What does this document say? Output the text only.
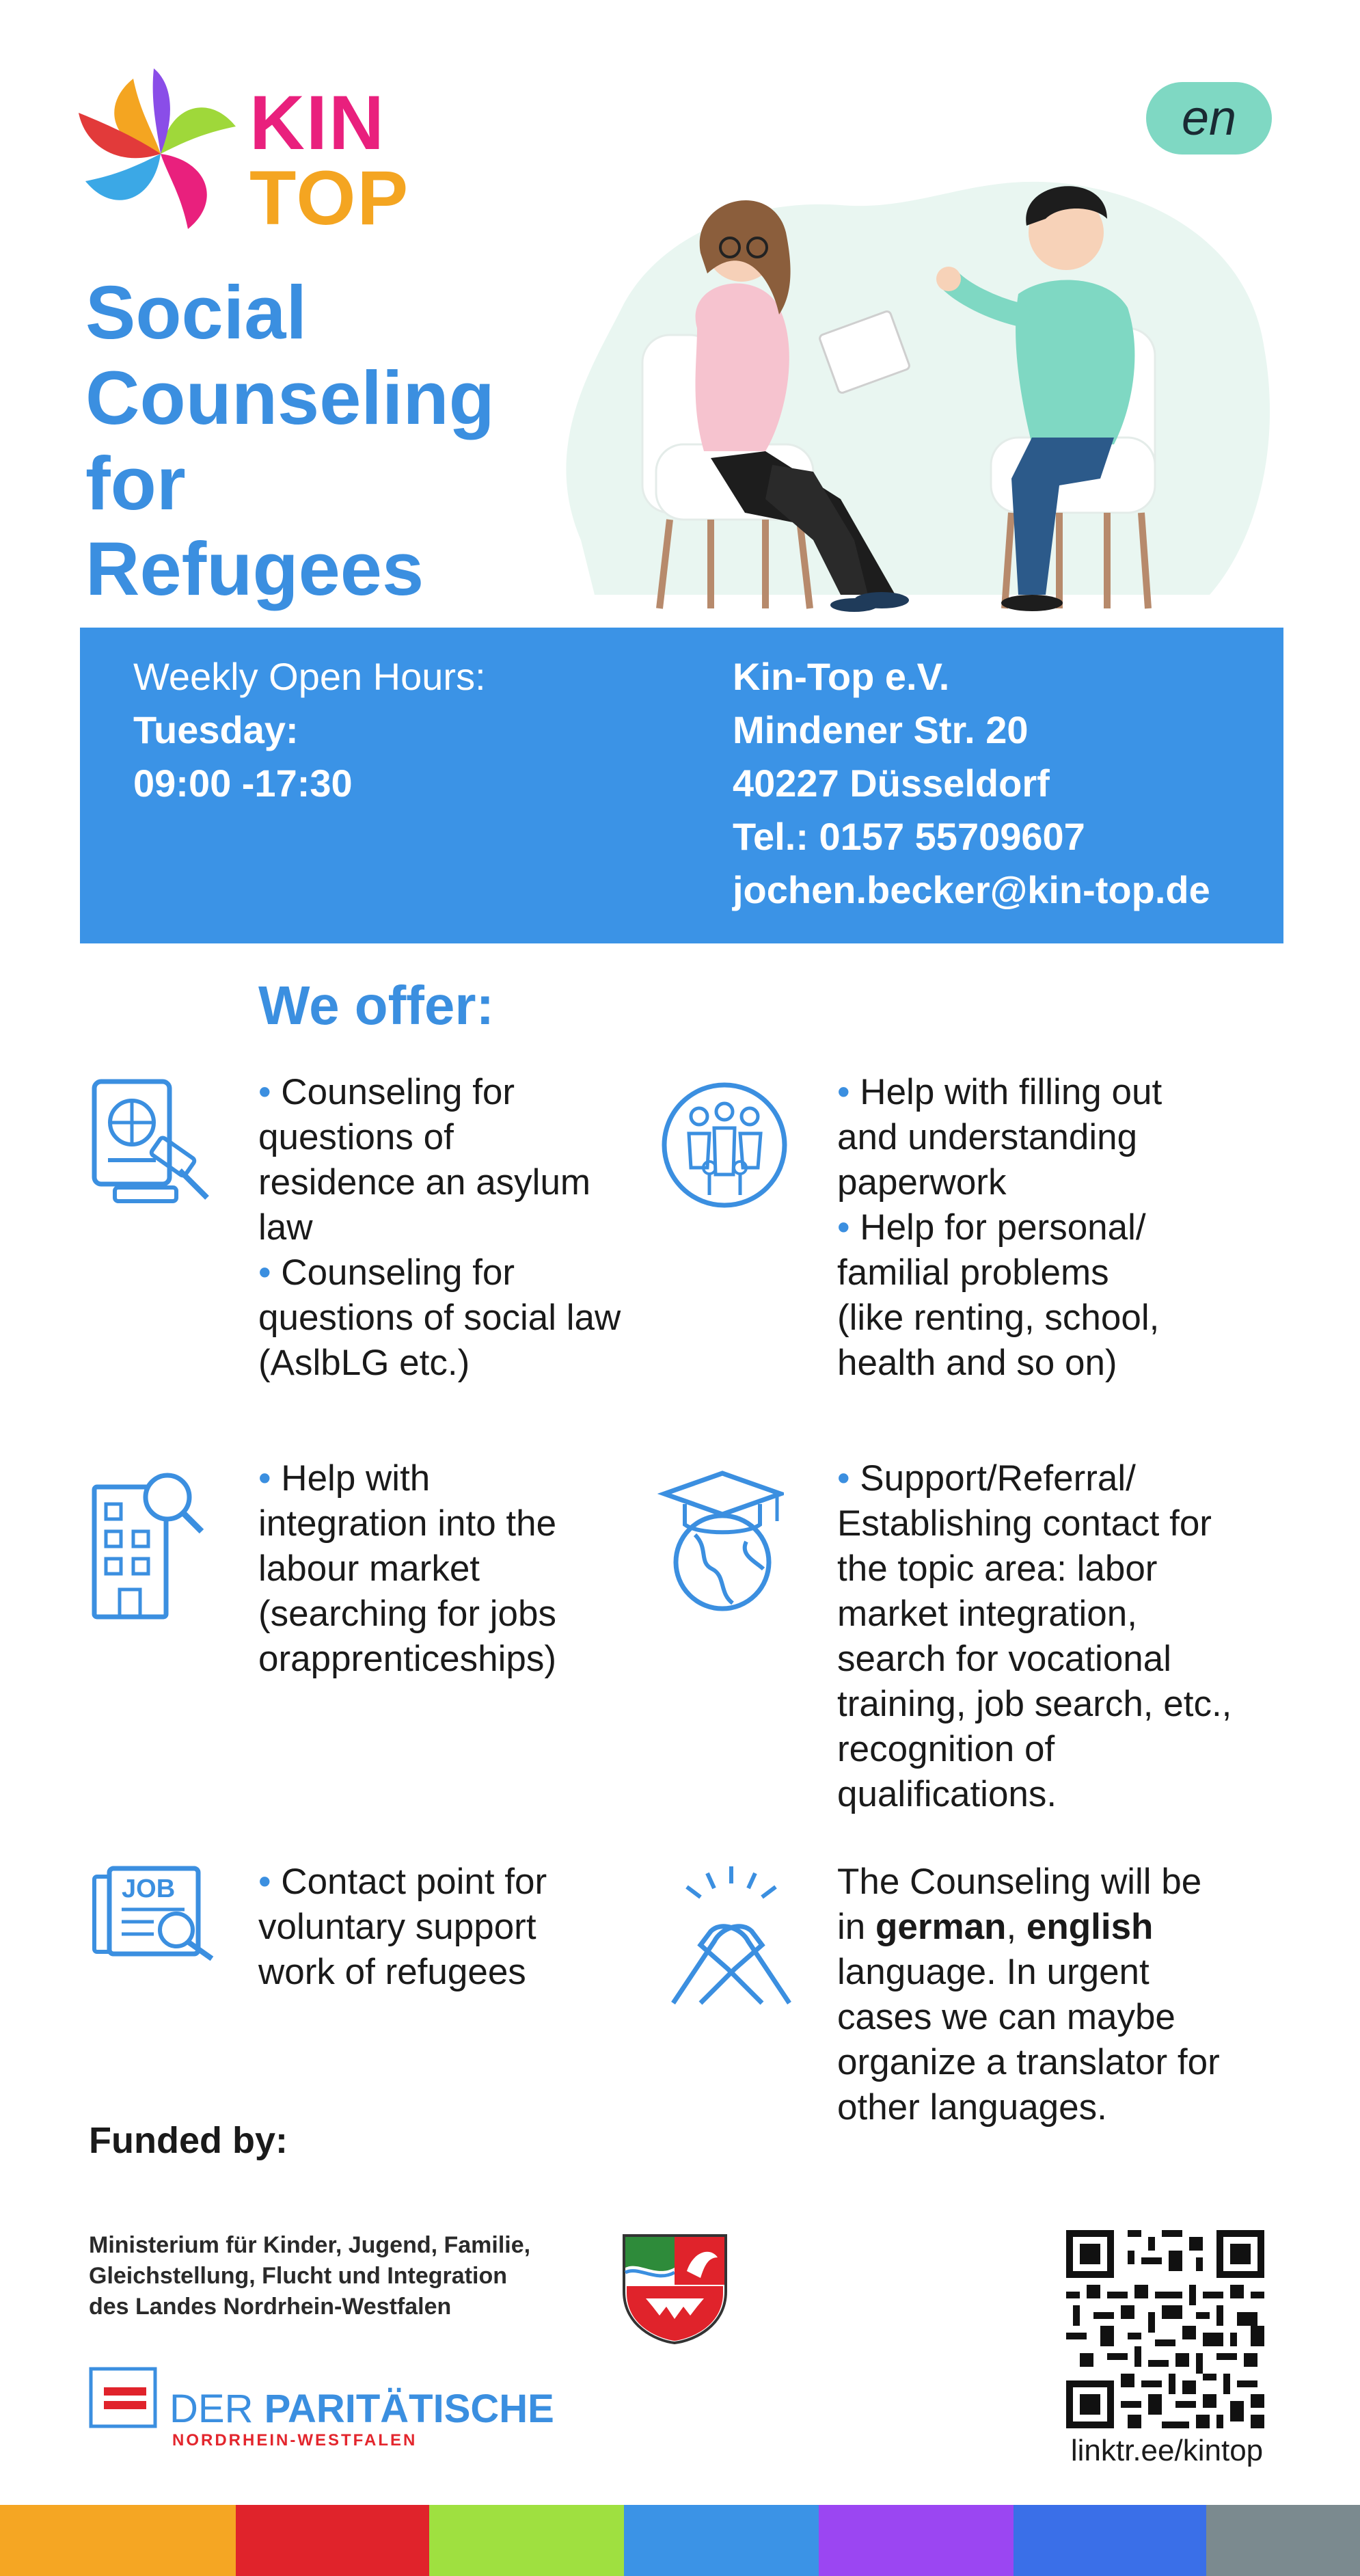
KIN
TOP
en
Social
Counseling
for
Refugees
Weekly Open Hours:
Tuesday:
09:00 -17:30
Kin-Top e.V.
Mindener Str. 20
40227 Düsseldorf
Tel.: 0157 55709607
jochen.becker@kin-top.de
We offer:
• Counseling for
questions of
residence an asylum
law
• Counseling for
questions of social law
(AslbLG etc.)
• Help with filling out
and understanding
paperwork
• Help for personal/
familial problems
(like renting, school,
health and so on)
• Help with
integration into the
labour market
(searching for jobs
orapprenticeships)
• Support/Referral/
Establishing contact for
the topic area: labor
market integration,
search for vocational
training, job search, etc.,
recognition of
qualifications.
JOB • Contact point for
voluntary support
work of refugees
The Counseling will be
in german, english
language. In urgent
cases we can maybe
organize a translator for
other languages.
Funded by:
Ministerium für Kinder, Jugend, Familie,
Gleichstellung, Flucht und Integration
des Landes Nordrhein-Westfalen
DER PARITÄTISCHE
NORDRHEIN-WESTFALEN	linktr.ee/kintop
